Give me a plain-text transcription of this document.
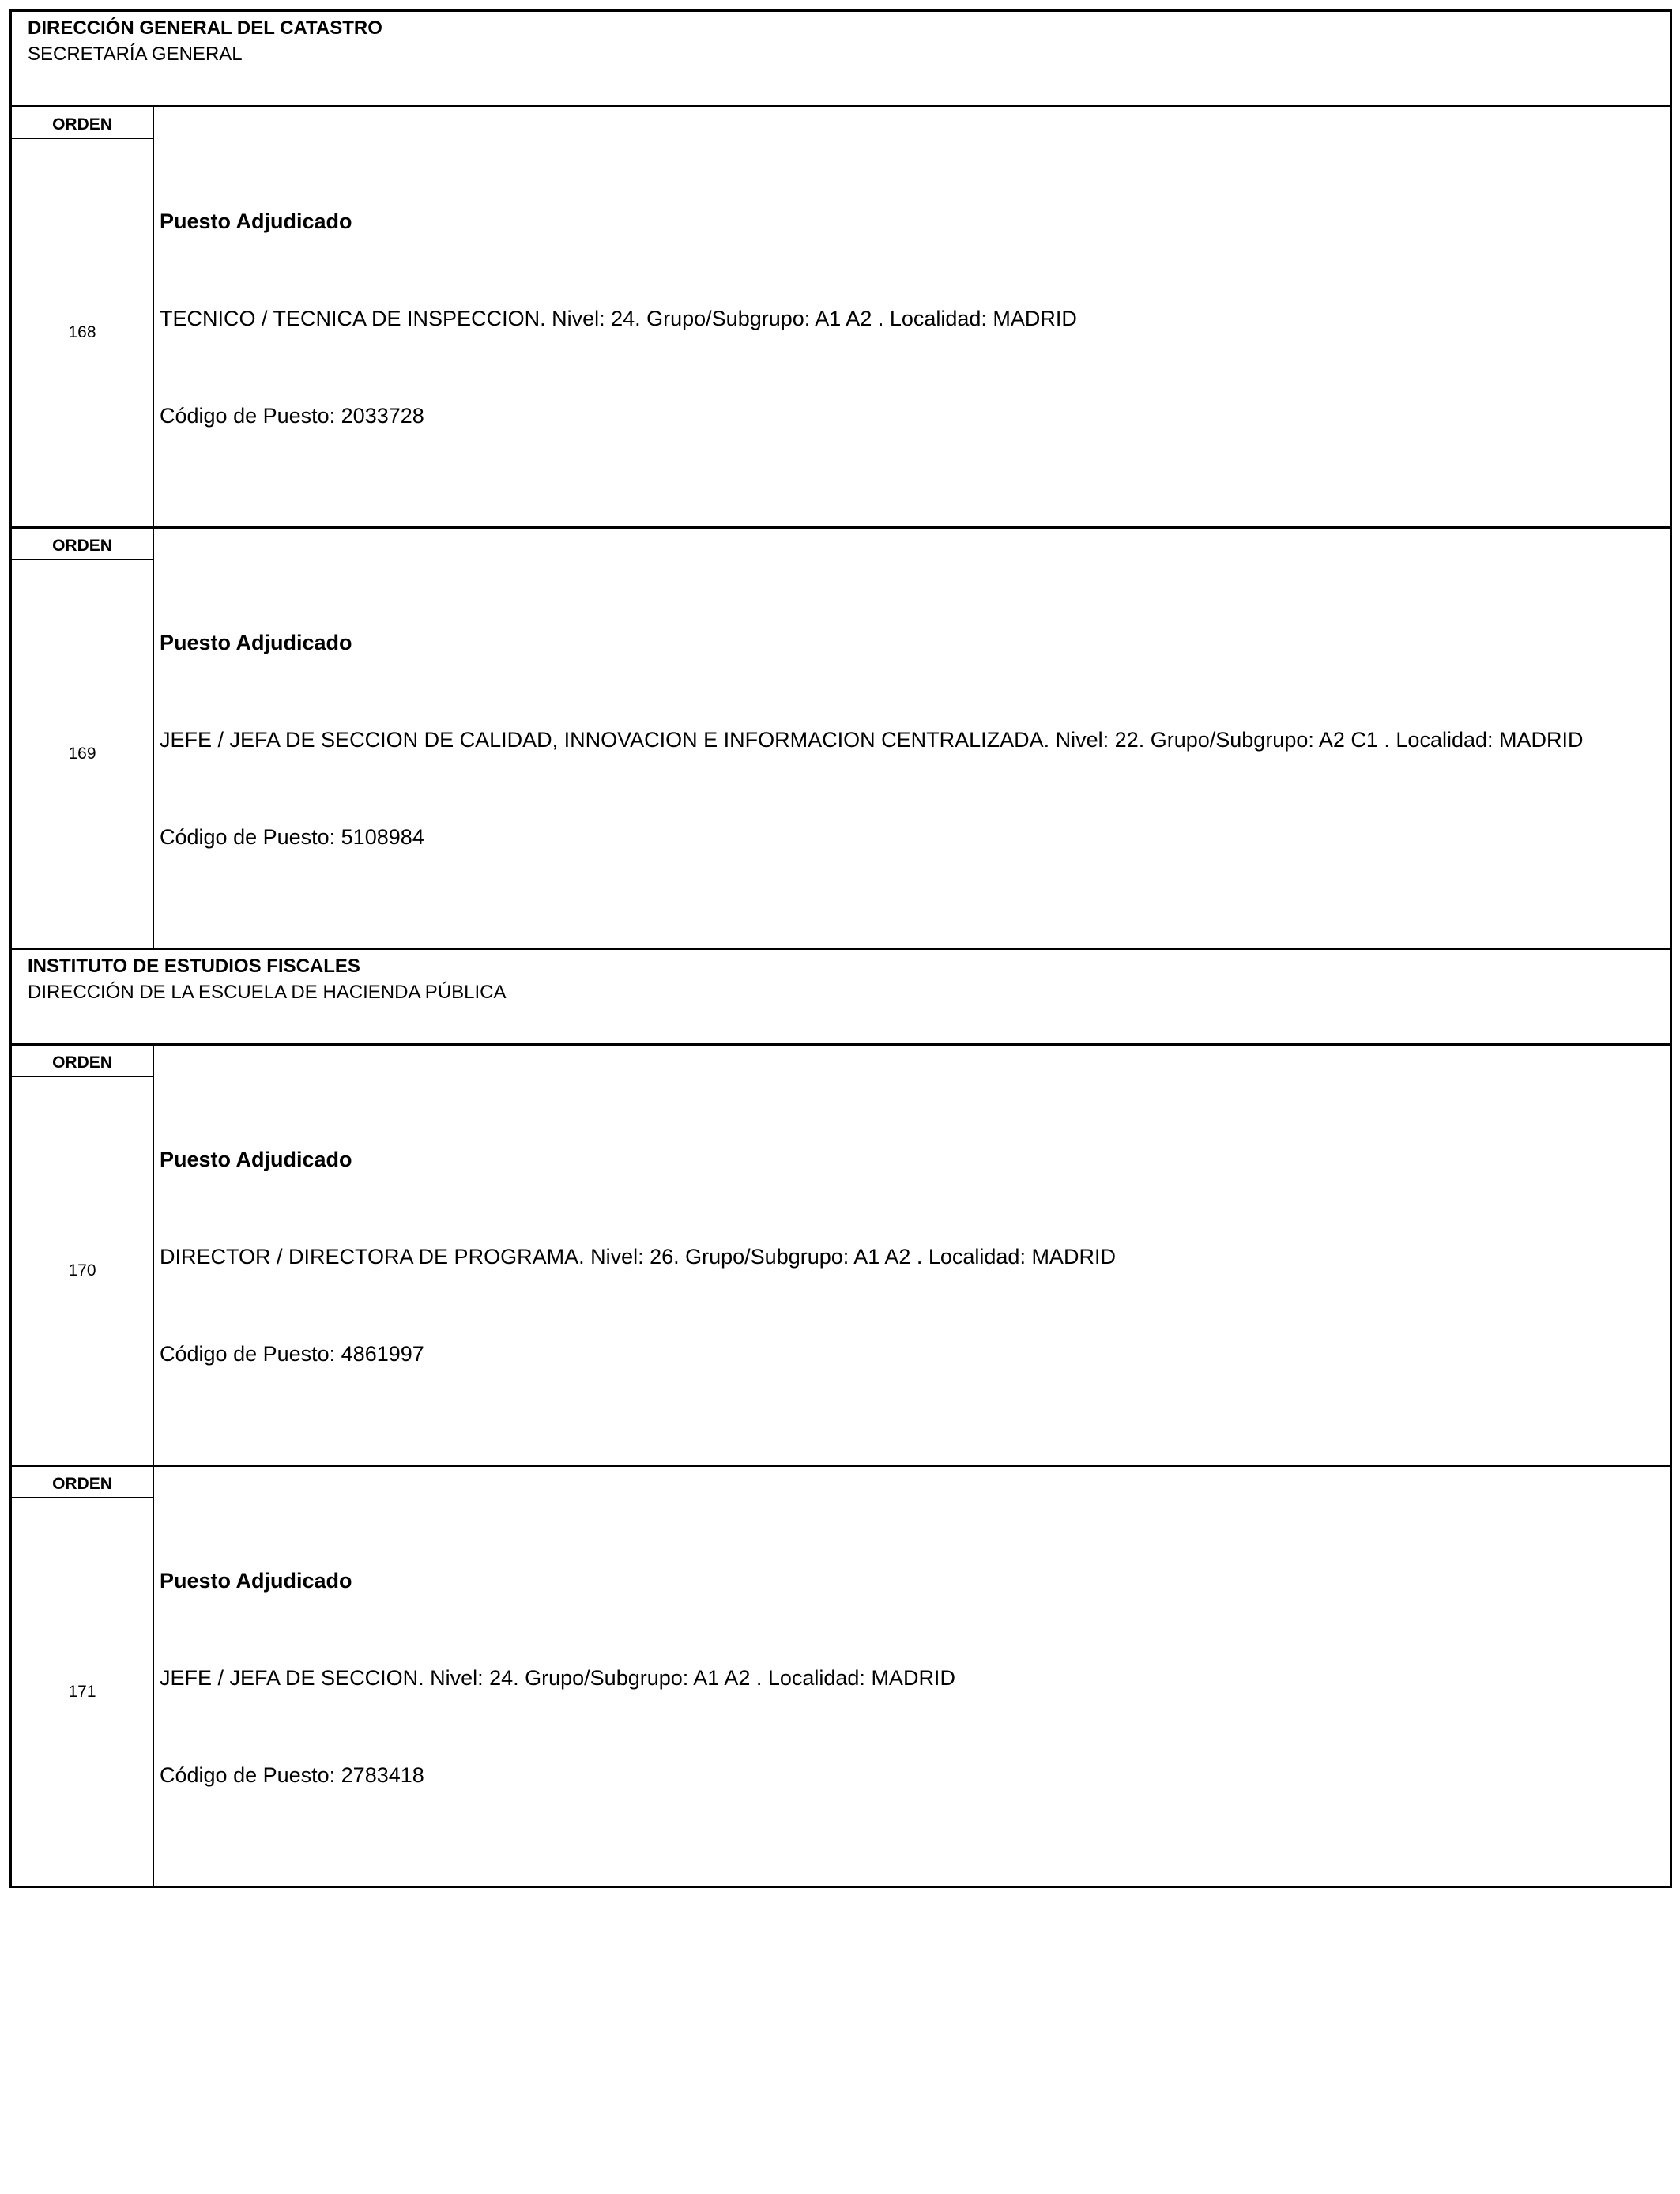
DIRECCIÓN GENERAL DEL CATASTRO
SECRETARÍA GENERAL
ORDEN
168

Puesto Adjudicado

TECNICO / TECNICA DE INSPECCION. Nivel: 24. Grupo/Subgrupo: A1 A2 . Localidad: MADRID

Código de Puesto: 2033728

ORDEN
169

Puesto Adjudicado

JEFE / JEFA DE SECCION DE CALIDAD, INNOVACION E INFORMACION CENTRALIZADA. Nivel: 22. Grupo/Subgrupo: A2 C1 . Localidad: MADRID

Código de Puesto: 5108984

INSTITUTO DE ESTUDIOS FISCALES
DIRECCIÓN DE LA ESCUELA DE HACIENDA PÚBLICA
ORDEN
170

Puesto Adjudicado

DIRECTOR / DIRECTORA DE PROGRAMA. Nivel: 26. Grupo/Subgrupo: A1 A2 . Localidad: MADRID

Código de Puesto: 4861997

ORDEN
171

Puesto Adjudicado

JEFE / JEFA DE SECCION. Nivel: 24. Grupo/Subgrupo: A1 A2 . Localidad: MADRID

Código de Puesto: 2783418
